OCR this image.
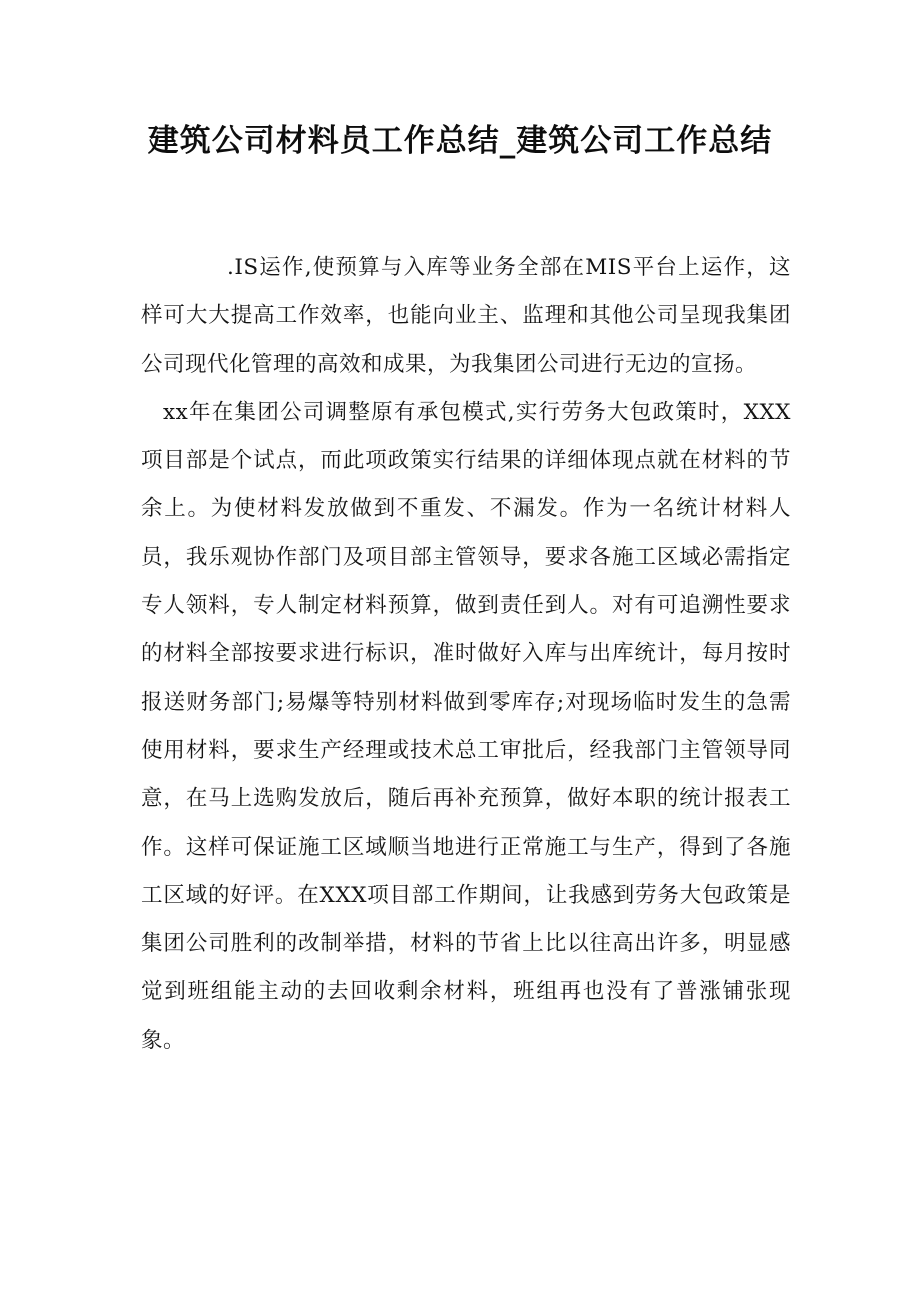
建筑公司材料员工作总结_建筑公司工作总结

.IS运作,使预算与入库等业务全部在MIS平台上运作，这样可大大提高工作效率，也能向业主、监理和其他公司呈现我集团公司现代化管理的高效和成果，为我集团公司进行无边的宣扬。

xx年在集团公司调整原有承包模式,实行劳务大包政策时，XXX项目部是个试点，而此项政策实行结果的详细体现点就在材料的节余上。为使材料发放做到不重发、不漏发。作为一名统计材料人员，我乐观协作部门及项目部主管领导，要求各施工区域必需指定专人领料，专人制定材料预算，做到责任到人。对有可追溯性要求的材料全部按要求进行标识，准时做好入库与出库统计，每月按时报送财务部门;易爆等特别材料做到零库存;对现场临时发生的急需使用材料，要求生产经理或技术总工审批后，经我部门主管领导同意，在马上选购发放后，随后再补充预算，做好本职的统计报表工作。这样可保证施工区域顺当地进行正常施工与生产，得到了各施工区域的好评。在XXX项目部工作期间，让我感到劳务大包政策是集团公司胜利的改制举措，材料的节省上比以往高出许多，明显感觉到班组能主动的去回收剩余材料，班组再也没有了普涨铺张现象。
